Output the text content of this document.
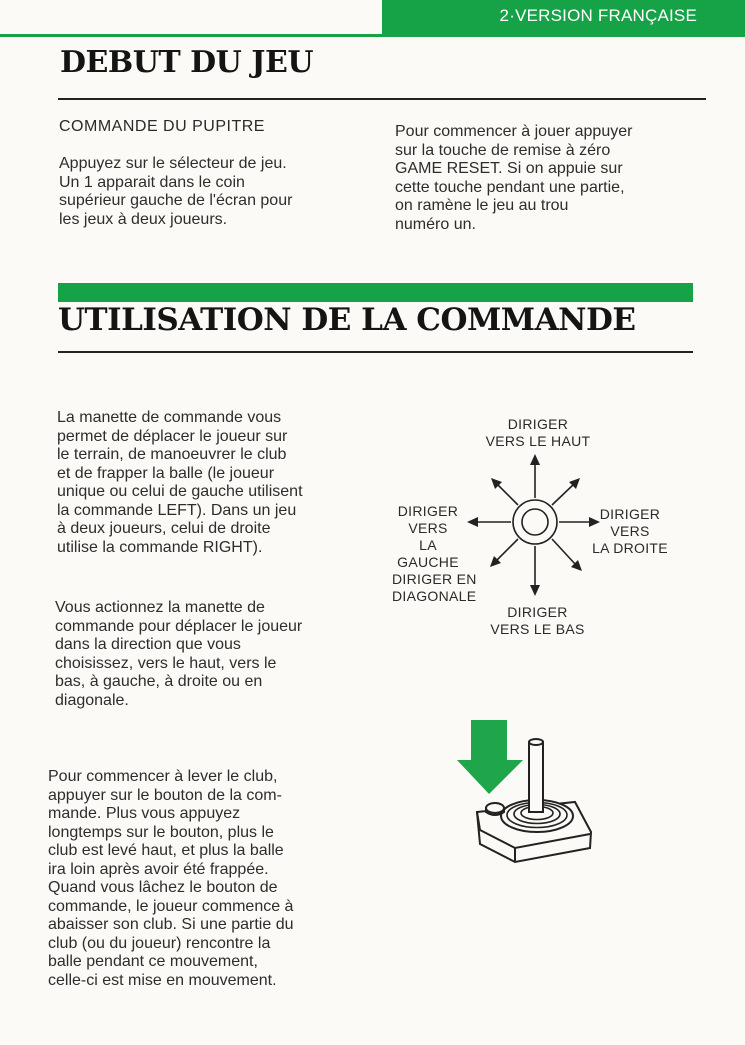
2·VERSION FRANÇAISE
DEBUT DU JEU
COMMANDE DU PUPITRE

Appuyez sur le sélecteur de jeu.
Un 1 apparait dans le coin
supérieur gauche de l'écran pour
les jeux à deux joueurs.

Pour commencer à jouer appuyer
sur la touche de remise à zéro
GAME RESET. Si on appuie sur
cette touche pendant une partie,
on ramène le jeu au trou
numéro un.

UTILISATION DE LA COMMANDE

La manette de commande vous
permet de déplacer le joueur sur
le terrain, de manoeuvrer le club
et de frapper la balle (le joueur
unique ou celui de gauche utilisent
la commande LEFT). Dans un jeu
à deux joueurs, celui de droite
utilise la commande RIGHT).

Vous actionnez la manette de
commande pour déplacer le joueur
dans la direction que vous
choisissez, vers le haut, vers le
bas, à gauche, à droite ou en
diagonale.

Pour commencer à lever le club,
appuyer sur le bouton de la com-
mande. Plus vous appuyez
longtemps sur le bouton, plus le
club est levé haut, et plus la balle
ira loin après avoir été frappée.
Quand vous lâchez le bouton de
commande, le joueur commence à
abaisser son club. Si une partie du
club (ou du joueur) rencontre la
balle pendant ce mouvement,
celle-ci est mise en mouvement.

DIRIGER
VERS LE HAUT
DIRIGER
VERS
LA GAUCHE
DIRIGER
VERS
LA DROITE
DIRIGER EN
DIAGONALE
DIRIGER
VERS LE BAS
